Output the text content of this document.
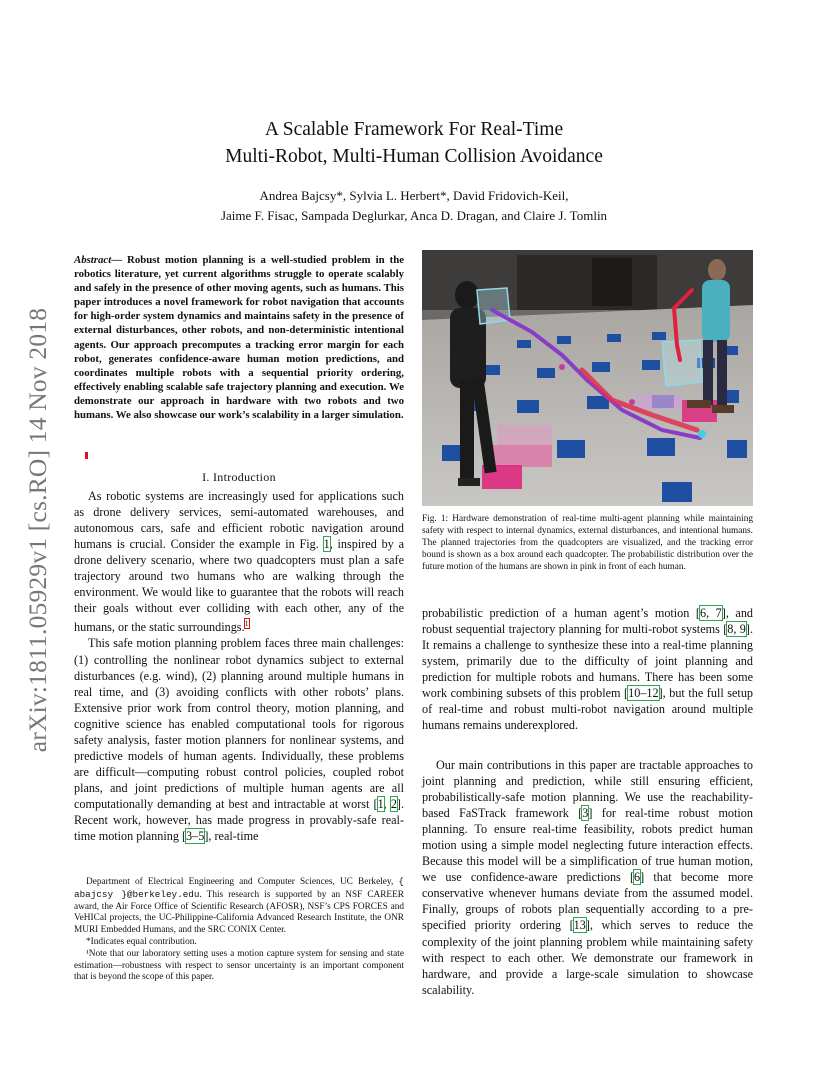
arXiv:1811.05929v1 [cs.RO] 14 Nov 2018
A Scalable Framework For Real-Time
Multi-Robot, Multi-Human Collision Avoidance
Andrea Bajcsy*, Sylvia L. Herbert*, David Fridovich-Keil,
Jaime F. Fisac, Sampada Deglurkar, Anca D. Dragan, and Claire J. Tomlin
Abstract— Robust motion planning is a well-studied problem in the robotics literature, yet current algorithms struggle to operate scalably and safely in the presence of other moving agents, such as humans. This paper introduces a novel framework for robot navigation that accounts for high-order system dynamics and maintains safety in the presence of external disturbances, other robots, and non-deterministic intentional agents. Our approach precomputes a tracking error margin for each robot, generates confidence-aware human motion predictions, and coordinates multiple robots with a sequential priority ordering, effectively enabling scalable safe trajectory planning and execution. We demonstrate our approach in hardware with two robots and two humans. We also showcase our work’s scalability in a larger simulation.
I. Introduction

As robotic systems are increasingly used for applications such as drone delivery services, semi-automated warehouses, and autonomous cars, safe and efficient robotic navigation around humans is crucial. Consider the example in Fig. 1, inspired by a drone delivery scenario, where two quadcopters must plan a safe trajectory around two humans who are walking through the environment. We would like to guarantee that the robots will reach their goals without ever colliding with each other, any of the humans, or the static surroundings.$^1$

This safe motion planning problem faces three main challenges: (1) controlling the nonlinear robot dynamics subject to external disturbances (e.g. wind), (2) planning around multiple humans in real time, and (3) avoiding conflicts with other robots’ plans. Extensive prior work from control theory, motion planning, and cognitive science has enabled computational tools for rigorous safety analysis, faster motion planners for nonlinear systems, and predictive models of human agents. Individually, these problems are difficult—computing robust control policies, coupled robot plans, and joint predictions of multiple human agents are all computationally demanding at best and intractable at worst [1, 2]. Recent work, however, has made progress in provably-safe real-time motion planning [3–5], real-time

Department of Electrical Engineering and Computer Sciences, UC Berkeley, { abajcsy }@berkeley.edu. This research is supported by an NSF CAREER award, the Air Force Office of Scientific Research (AFOSR), NSF’s CPS FORCES and VeHICal projects, the UC-Philippine-California Advanced Research Institute, the ONR MURI Embedded Humans, and the SRC CONIX Center.

*Indicates equal contribution.

¹Note that our laboratory setting uses a motion capture system for sensing and state estimation—robustness with respect to sensor uncertainty is an important component that is beyond the scope of this paper.

Fig. 1: Hardware demonstration of real-time multi-agent planning while maintaining safety with respect to internal dynamics, external disturbances, and intentional humans. The planned trajectories from the quadcopters are visualized, and the tracking error bound is shown as a box around each quadcopter. The probabilistic distribution over the future motion of the humans are shown in pink in front of each human.

probabilistic prediction of a human agent’s motion [6, 7], and robust sequential trajectory planning for multi-robot systems [8, 9]. It remains a challenge to synthesize these into a real-time planning system, primarily due to the difficulty of joint planning and prediction for multiple robots and humans. There has been some work combining subsets of this problem [10–12], but the full setup of real-time and robust multi-robot navigation around multiple humans remains underexplored.

Our main contributions in this paper are tractable approaches to joint planning and prediction, while still ensuring efficient, probabilistically-safe motion planning. We use the reachability-based FaSTrack framework [3] for real-time robust motion planning. To ensure real-time feasibility, robots predict human motion using a simple model neglecting future interaction effects. Because this model will be a simplification of true human motion, we use confidence-aware predictions [6] that become more conservative whenever humans deviate from the assumed model. Finally, groups of robots plan sequentially according to a pre-specified priority ordering [13], which serves to reduce the complexity of the joint planning problem while maintaining safety with respect to each other. We demonstrate our framework in hardware, and provide a large-scale simulation to showcase scalability.
